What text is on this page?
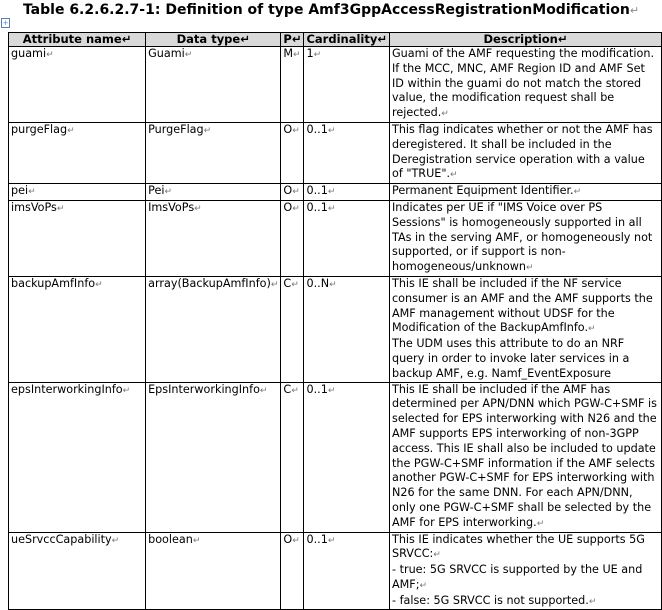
+
Table 6.2.6.2.7-1: Definition of type Amf3GppAccessRegistrationModification↵
Attribute name↵	Data type↵	P↵	Cardinality↵	Description↵
guami↵	Guami↵	M↵	1↵	Guami of the AMF requesting the modification. If the MCC, MNC, AMF Region ID and AMF Set ID within the guami do not match the stored value, the modification request shall be rejected.↵
purgeFlag↵	PurgeFlag↵	O↵	0..1↵	This flag indicates whether or not the AMF has deregistered. It shall be included in the Deregistration service operation with a value of "TRUE".↵
pei↵	Pei↵	O↵	0..1↵	Permanent Equipment Identifier.↵
imsVoPs↵	ImsVoPs↵	O↵	0..1↵	Indicates per UE if "IMS Voice over PS Sessions" is homogeneously supported in all TAs in the serving AMF, or homogeneously not supported, or if support is non-homogeneous/unknown↵
backupAmfInfo↵	array(BackupAmfInfo)↵	C↵	0..N↵	This IE shall be included if the NF service consumer is an AMF and the AMF supports the AMF management without UDSF for the Modification of the BackupAmfInfo.↵
The UDM uses this attribute to do an NRF query in order to invoke later services in a backup AMF, e.g. Namf_EventExposure

epsInterworkingInfo↵	EpsInterworkingInfo↵	C↵	0..1↵	This IE shall be included if the AMF has determined per APN/DNN which PGW-C+SMF is selected for EPS interworking with N26 and the AMF supports EPS interworking of non-3GPP access. This IE shall also be included to update the PGW-C+SMF information if the AMF selects another PGW-C+SMF for EPS interworking with N26 for the same DNN. For each APN/DNN, only one PGW-C+SMF shall be selected by the AMF for EPS interworking.↵
ueSrvccCapability↵	boolean↵	O↵	0..1↵	This IE indicates whether the UE supports 5G SRVCC:↵
- true: 5G SRVCC is supported by the UE and AMF;↵
- false: 5G SRVCC is not supported.↵
